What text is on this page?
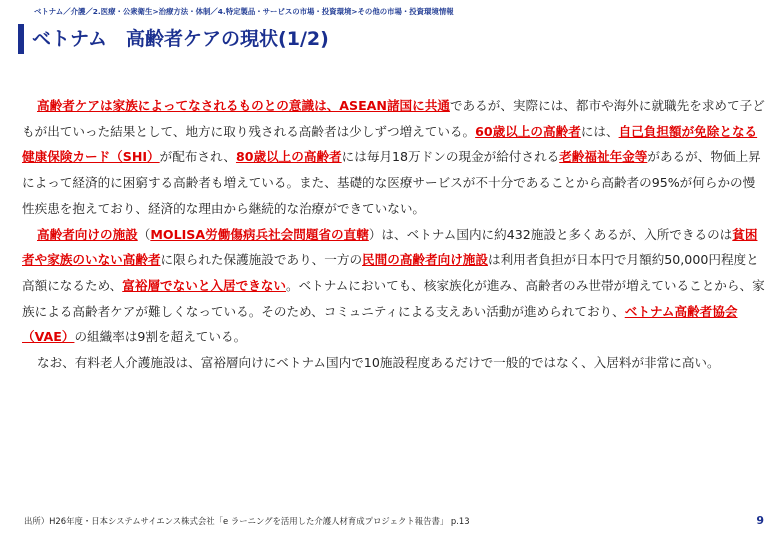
ベトナム／介護／2.医療・公衆衛生>治療方法・体制／4.特定製品・サービスの市場・投資環境>その他の市場・投資環境情報
ベトナム　高齢者ケアの現状(1/2)

高齢者ケアは家族によってなされるものとの意識は、ASEAN諸国に共通であるが、実際には、都市や海外に就職先を求めて子どもが出ていった結果として、地方に取り残される高齢者は少しずつ増えている。60歳以上の高齢者には、自己負担額が免除となる健康保険カード（SHI）が配布され、80歳以上の高齢者には毎月18万ドンの現金が給付される老齢福祉年金等があるが、物価上昇によって経済的に困窮する高齢者も増えている。また、基礎的な医療サービスが不十分であることから高齢者の95%が何らかの慢性疾患を抱えており、経済的な理由から継続的な治療ができていない。

高齢者向けの施設（MOLISA労働傷病兵社会問題省の直轄）は、ベトナム国内に約432施設と多くあるが、入所できるのは貧困者や家族のいない高齢者に限られた保護施設であり、一方の民間の高齢者向け施設は利用者負担が日本円で月額約50,000円程度と高額になるため、富裕層でないと入居できない。ベトナムにおいても、核家族化が進み、高齢者のみ世帯が増えていることから、家族による高齢者ケアが難しくなっている。そのため、コミュニティによる支えあい活動が進められており、ベトナム高齢者協会（VAE）の組織率は9割を超えている。

なお、有料老人介護施設は、富裕層向けにベトナム国内で10施設程度あるだけで一般的ではなく、入居料が非常に高い。

出所）H26年度・日本システムサイエンス株式会社「e ラーニングを活用した介護人材育成プロジェクト報告書」 p.13	9
